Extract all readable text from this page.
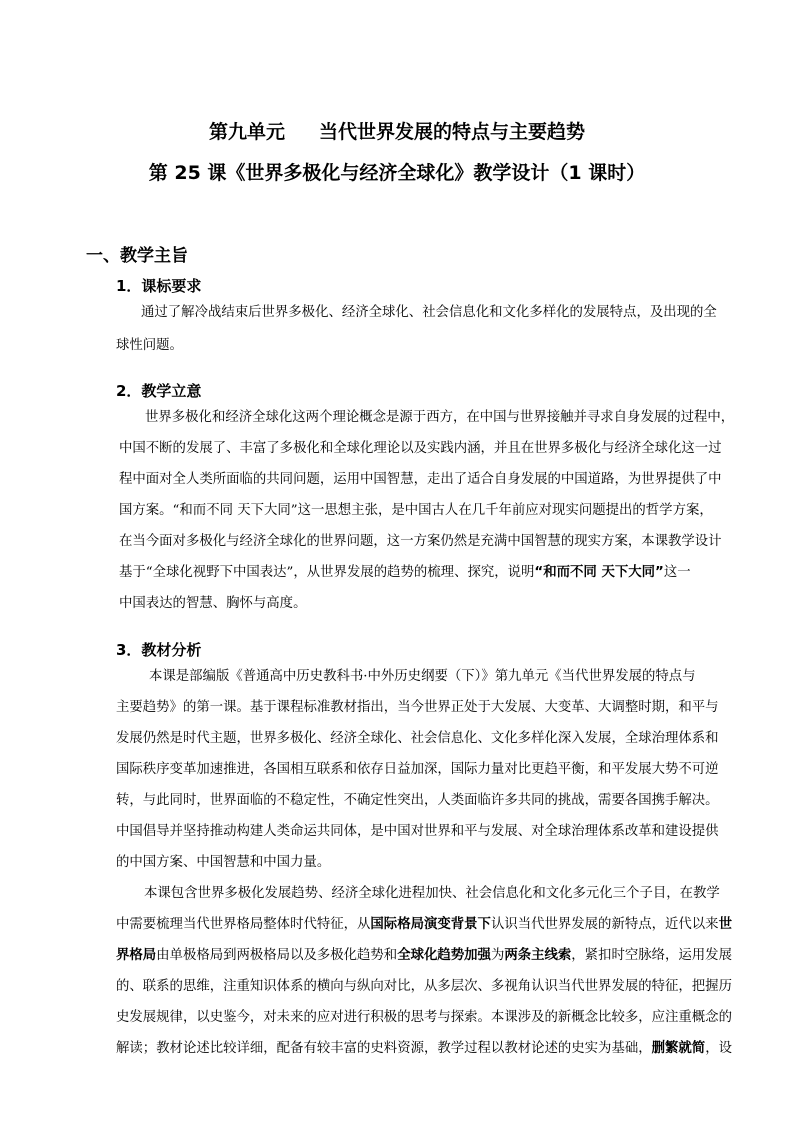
第九单元 当代世界发展的特点与主要趋势
第 25 课《世界多极化与经济全球化》教学设计（1 课时）
一、教学主旨
1．课标要求
通过了解冷战结束后世界多极化、经济全球化、社会信息化和文化多样化的发展特点，及出现的全
球性问题。
2．教学立意
世界多极化和经济全球化这两个理论概念是源于西方，在中国与世界接触并寻求自身发展的过程中，
中国不断的发展了、丰富了多极化和全球化理论以及实践内涵，并且在世界多极化与经济全球化这一过
程中面对全人类所面临的共同问题，运用中国智慧，走出了适合自身发展的中国道路，为世界提供了中
国方案。“和而不同 天下大同”这一思想主张，是中国古人在几千年前应对现实问题提出的哲学方案，
在当今面对多极化与经济全球化的世界问题，这一方案仍然是充满中国智慧的现实方案，本课教学设计
基于“全球化视野下中国表达”，从世界发展的趋势的梳理、探究，说明“和而不同 天下大同”这一
中国表达的智慧、胸怀与高度。
3．教材分析
本课是部编版《普通高中历史教科书·中外历史纲要（下）》第九单元《当代世界发展的特点与
主要趋势》的第一课。基于课程标准教材指出，当今世界正处于大发展、大变革、大调整时期，和平与
发展仍然是时代主题，世界多极化、经济全球化、社会信息化、文化多样化深入发展，全球治理体系和
国际秩序变革加速推进，各国相互联系和依存日益加深，国际力量对比更趋平衡，和平发展大势不可逆
转，与此同时，世界面临的不稳定性，不确定性突出，人类面临许多共同的挑战，需要各国携手解决。
中国倡导并坚持推动构建人类命运共同体，是中国对世界和平与发展、对全球治理体系改革和建设提供
的中国方案、中国智慧和中国力量。
本课包含世界多极化发展趋势、经济全球化进程加快、社会信息化和文化多元化三个子目，在教学
中需要梳理当代世界格局整体时代特征，从国际格局演变背景下认识当代世界发展的新特点，近代以来世
界格局由单极格局到两极格局以及多极化趋势和全球化趋势加强为两条主线索，紧扣时空脉络，运用发展
的、联系的思维，注重知识体系的横向与纵向对比，从多层次、多视角认识当代世界发展的特征，把握历
史发展规律，以史鉴今，对未来的应对进行积极的思考与探索。本课涉及的新概念比较多，应注重概念的
解读；教材论述比较详细，配备有较丰富的史料资源，教学过程以教材论述的史实为基础，删繁就简，设
